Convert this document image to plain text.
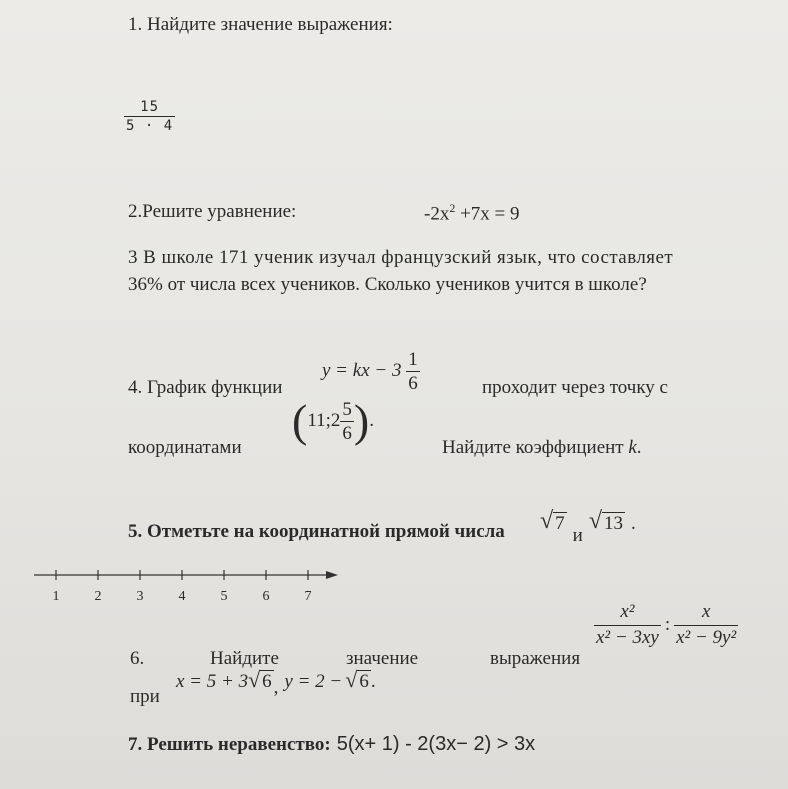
1. Найдите значение выражения:
$\frac{15}{5 \cdot 4}$
2.Решите уравнение:	$-2x^2 +7x = 9$
3 В школе 171 ученик изучал французский язык, что составляет
36% от числа всех учеников. Сколько учеников учится в школе?
4. График функции
y = kx − $3 \frac{1}{6}$	проходит через точку с
координатами
( 11;2 $\frac{5}{6}$ ) .
Найдите коэффициент k.
5. Отметьте на координатной прямой числа √ 7
и
√ 13 .
1	2	3	4	5	6	7
6.	Найдите	значение	выражения
$\frac{\text{x²}}{\text{x² − 3xy}}$ : $\frac{x}{\text{x² − 9y²}}$
при
x = 5 + 3 √ 6 , y = 2 − √ 6 .
7. Решить неравенство: 5(x+ 1) - 2(3x− 2) > 3x
